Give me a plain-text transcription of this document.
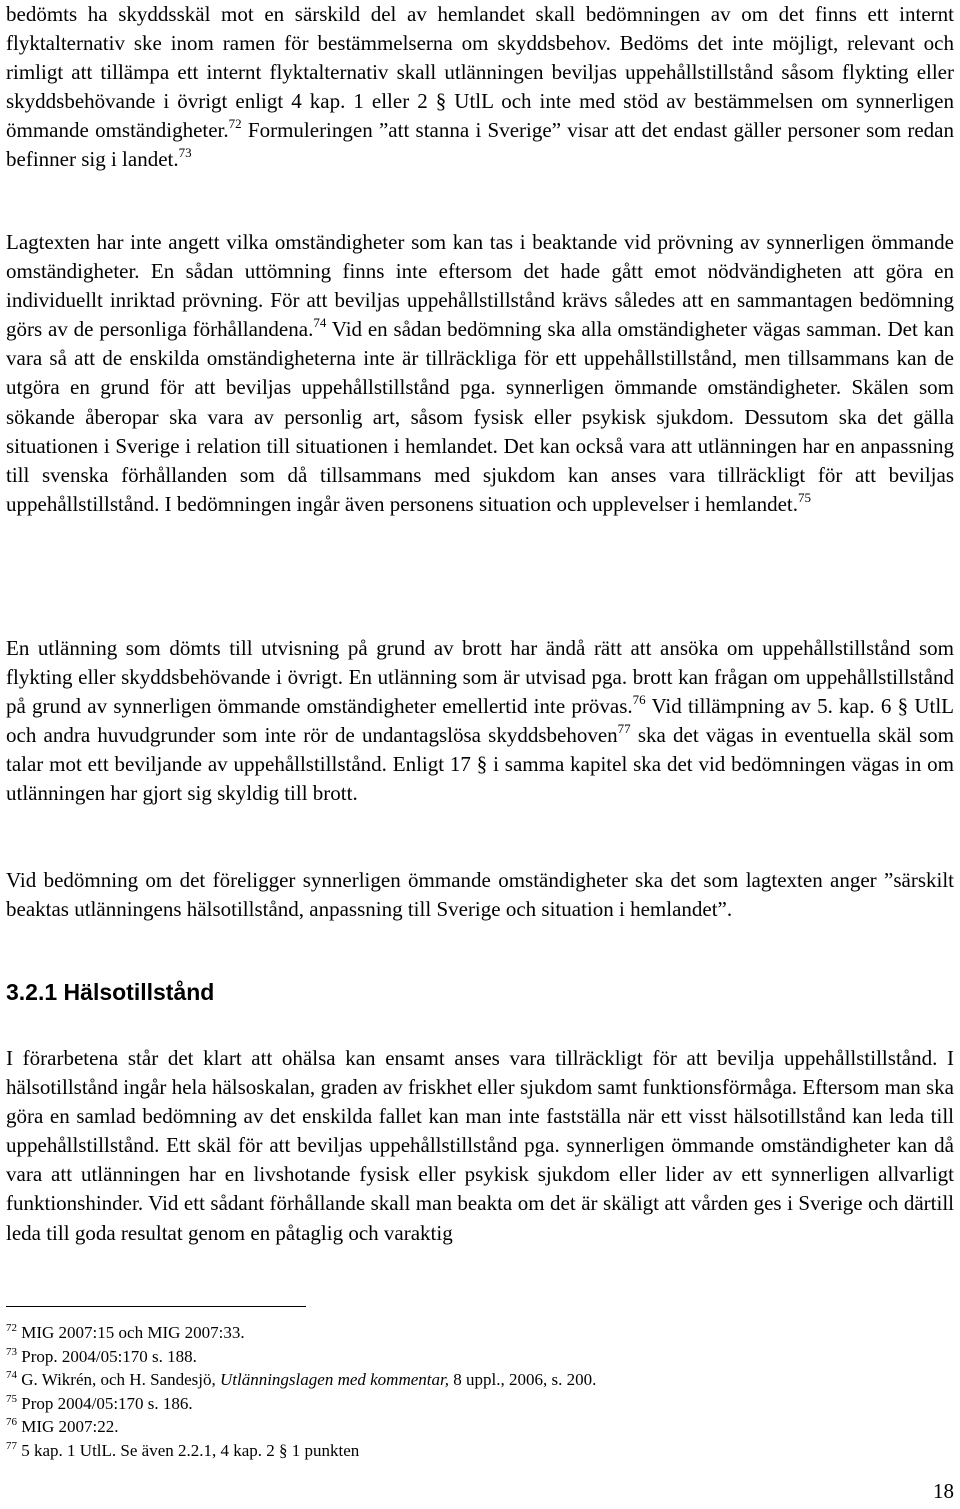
bedömts ha skyddsskäl mot en särskild del av hemlandet skall bedömningen av om det finns ett internt flyktalternativ ske inom ramen för bestämmelserna om skyddsbehov. Bedöms det inte möjligt, relevant och rimligt att tillämpa ett internt flyktalternativ skall utlänningen beviljas uppehållstillstånd såsom flykting eller skyddsbehövande i övrigt enligt 4 kap. 1 eller 2 § UtlL och inte med stöd av bestämmelsen om synnerligen ömmande omständigheter.$^{72}$ Formuleringen ”att stanna i Sverige” visar att det endast gäller personer som redan befinner sig i landet.$^{73}$

Lagtexten har inte angett vilka omständigheter som kan tas i beaktande vid prövning av synnerligen ömmande omständigheter. En sådan uttömning finns inte eftersom det hade gått emot nödvändigheten att göra en individuellt inriktad prövning. För att beviljas uppehållstillstånd krävs således att en sammantagen bedömning görs av de personliga förhållandena.$^{74}$ Vid en sådan bedömning ska alla omständigheter vägas samman. Det kan vara så att de enskilda omständigheterna inte är tillräckliga för ett uppehållstillstånd, men tillsammans kan de utgöra en grund för att beviljas uppehållstillstånd pga. synnerligen ömmande omständigheter. Skälen som sökande åberopar ska vara av personlig art, såsom fysisk eller psykisk sjukdom. Dessutom ska det gälla situationen i Sverige i relation till situationen i hemlandet. Det kan också vara att utlänningen har en anpassning till svenska förhållanden som då tillsammans med sjukdom kan anses vara tillräckligt för att beviljas uppehållstillstånd. I bedömningen ingår även personens situation och upplevelser i hemlandet.$^{75}$

En utlänning som dömts till utvisning på grund av brott har ändå rätt att ansöka om uppehållstillstånd som flykting eller skyddsbehövande i övrigt. En utlänning som är utvisad pga. brott kan frågan om uppehållstillstånd på grund av synnerligen ömmande omständigheter emellertid inte prövas.$^{76}$ Vid tillämpning av 5. kap. 6 § UtlL och andra huvudgrunder som inte rör de undantagslösa skyddsbehoven$^{77}$ ska det vägas in eventuella skäl som talar mot ett beviljande av uppehållstillstånd. Enligt 17 § i samma kapitel ska det vid bedömningen vägas in om utlänningen har gjort sig skyldig till brott.

Vid bedömning om det föreligger synnerligen ömmande omständigheter ska det som lagtexten anger ”särskilt beaktas utlänningens hälsotillstånd, anpassning till Sverige och situation i hemlandet”.

3.2.1 Hälsotillstånd

I förarbetena står det klart att ohälsa kan ensamt anses vara tillräckligt för att bevilja uppehållstillstånd. I hälsotillstånd ingår hela hälsoskalan, graden av friskhet eller sjukdom samt funktionsförmåga. Eftersom man ska göra en samlad bedömning av det enskilda fallet kan man inte fastställa när ett visst hälsotillstånd kan leda till uppehållstillstånd. Ett skäl för att beviljas uppehållstillstånd pga. synnerligen ömmande omständigheter kan då vara att utlänningen har en livshotande fysisk eller psykisk sjukdom eller lider av ett synnerligen allvarligt funktionshinder. Vid ett sådant förhållande skall man beakta om det är skäligt att vården ges i Sverige och därtill leda till goda resultat genom en påtaglig och varaktig

$^{72}$ MIG 2007:15 och MIG 2007:33.
$^{73}$ Prop. 2004/05:170 s. 188.
$^{74}$ G. Wikrén, och H. Sandesjö, Utlänningslagen med kommentar, 8 uppl., 2006, s. 200.
$^{75}$ Prop 2004/05:170 s. 186.
$^{76}$ MIG 2007:22.
$^{77}$ 5 kap. 1 UtlL. Se även 2.2.1, 4 kap. 2 § 1 punkten
18
